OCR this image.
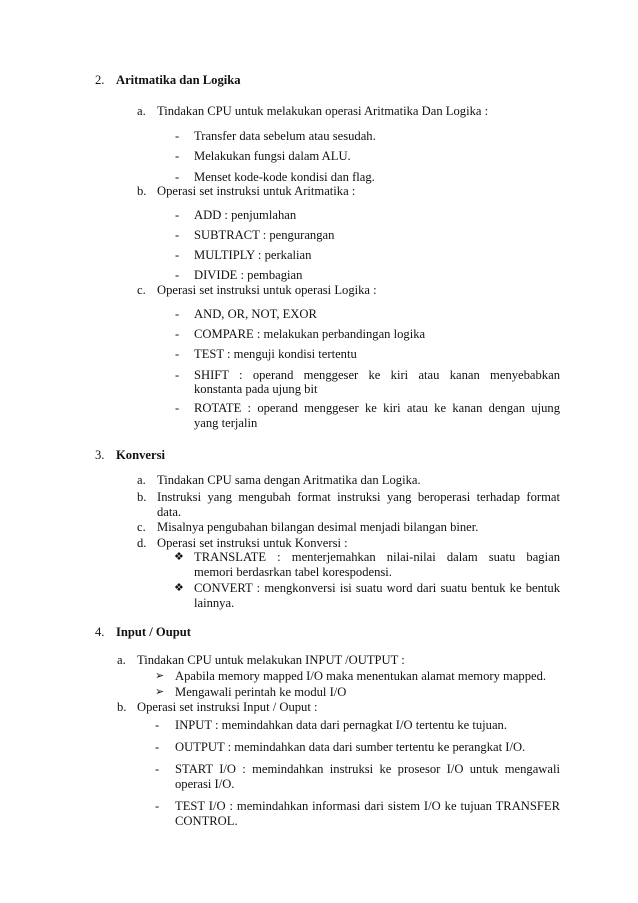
2. Aritmatika dan Logika
a. Tindakan CPU untuk melakukan operasi Aritmatika Dan Logika :
- Transfer data sebelum atau sesudah.
- Melakukan fungsi dalam ALU.
- Menset kode-kode kondisi dan flag.
b. Operasi set instruksi untuk Aritmatika :
- ADD : penjumlahan
- SUBTRACT : pengurangan
- MULTIPLY : perkalian
- DIVIDE : pembagian
c. Operasi set instruksi untuk operasi Logika :
- AND, OR, NOT, EXOR
- COMPARE : melakukan perbandingan logika
- TEST : menguji kondisi tertentu
- SHIFT : operand menggeser ke kiri atau kanan menyebabkan
konstanta pada ujung bit
- ROTATE : operand menggeser ke kiri atau ke kanan dengan ujung
yang terjalin
3. Konversi
a. Tindakan CPU sama dengan Aritmatika dan Logika.
b. Instruksi yang mengubah format instruksi yang beroperasi terhadap format
data.
c. Misalnya pengubahan bilangan desimal menjadi bilangan biner.
d. Operasi set instruksi untuk Konversi :
❖ TRANSLATE : menterjemahkan nilai-nilai dalam suatu bagian
memori berdasrkan tabel korespodensi.
❖ CONVERT : mengkonversi isi suatu word dari suatu bentuk ke bentuk
lainnya.
4. Input / Ouput
a. Tindakan CPU untuk melakukan INPUT /OUTPUT :
➢ Apabila memory mapped I/O maka menentukan alamat memory mapped.
➢ Mengawali perintah ke modul I/O
b. Operasi set instruksi Input / Ouput :
- INPUT : memindahkan data dari pernagkat I/O tertentu ke tujuan.
- OUTPUT : memindahkan data dari sumber tertentu ke perangkat I/O.
- START I/O : memindahkan instruksi ke prosesor I/O untuk mengawali
operasi I/O.
- TEST I/O : memindahkan informasi dari sistem I/O ke tujuan TRANSFER
CONTROL.
